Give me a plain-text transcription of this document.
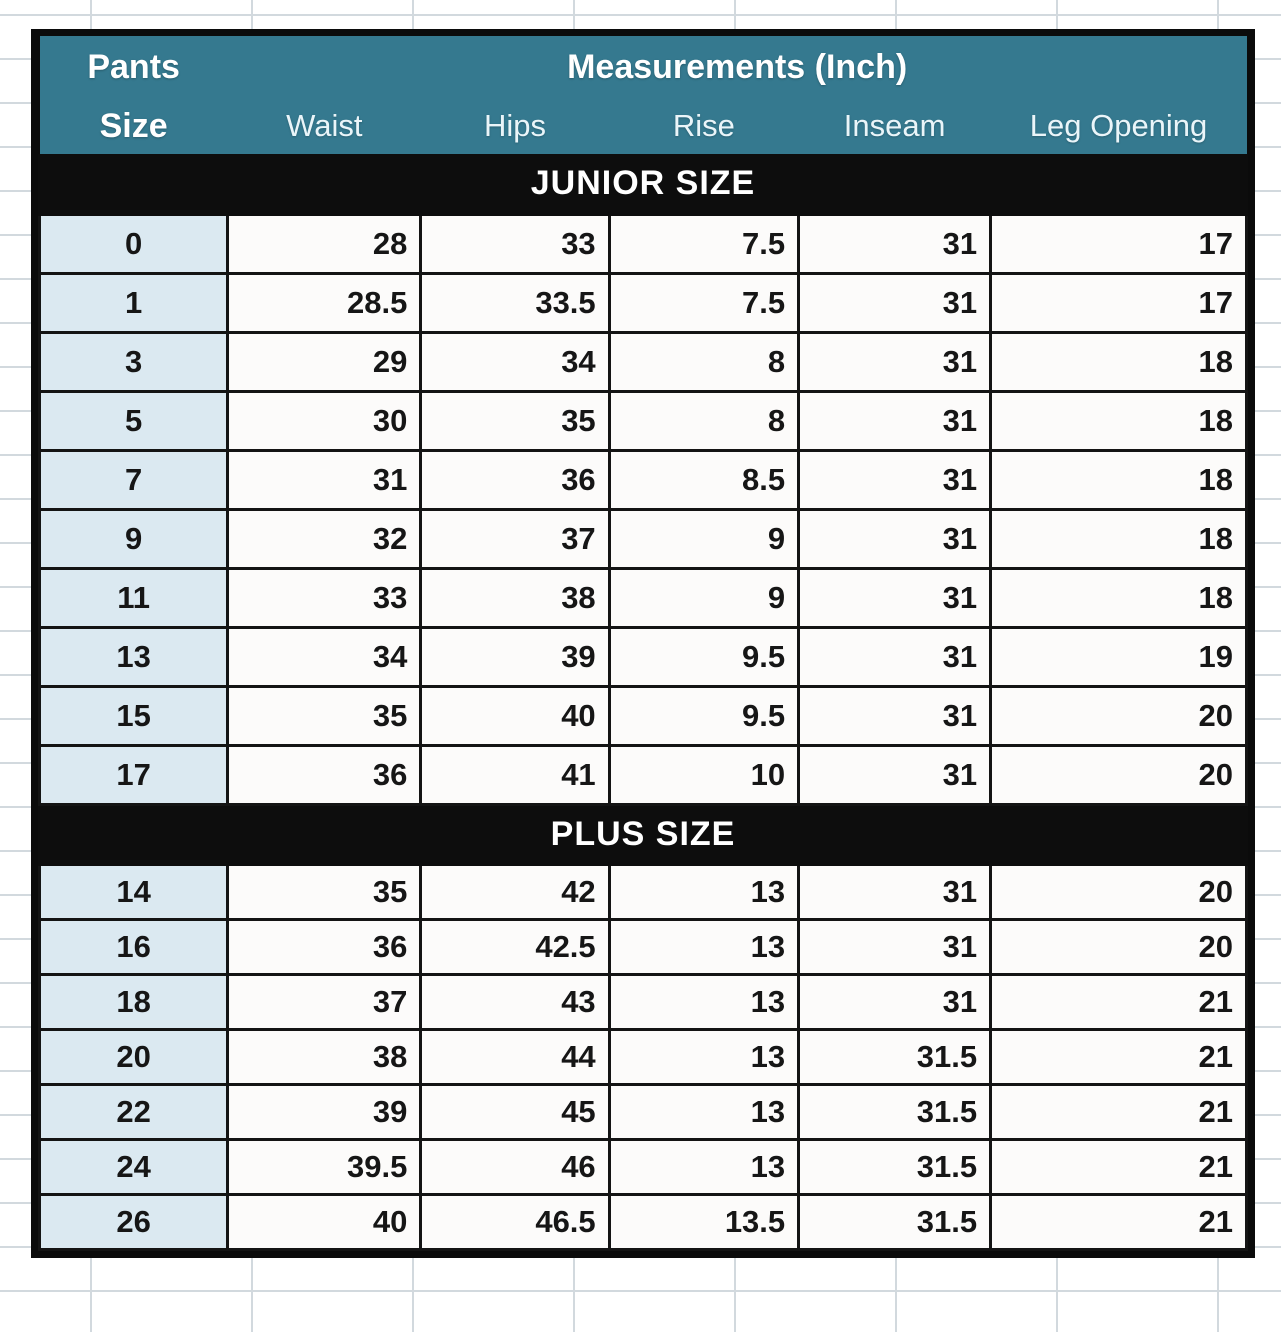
Pants	Measurements (Inch)				
Size	Waist	Hips	Rise	Inseam	Leg Opening
JUNIOR SIZE					
0	28	33	7.5	31	17
1	28.5	33.5	7.5	31	17
3	29	34	8	31	18
5	30	35	8	31	18
7	31	36	8.5	31	18
9	32	37	9	31	18
11	33	38	9	31	18
13	34	39	9.5	31	19
15	35	40	9.5	31	20
17	36	41	10	31	20
PLUS SIZE					
14	35	42	13	31	20
16	36	42.5	13	31	20
18	37	43	13	31	21
20	38	44	13	31.5	21
22	39	45	13	31.5	21
24	39.5	46	13	31.5	21
26	40	46.5	13.5	31.5	21
